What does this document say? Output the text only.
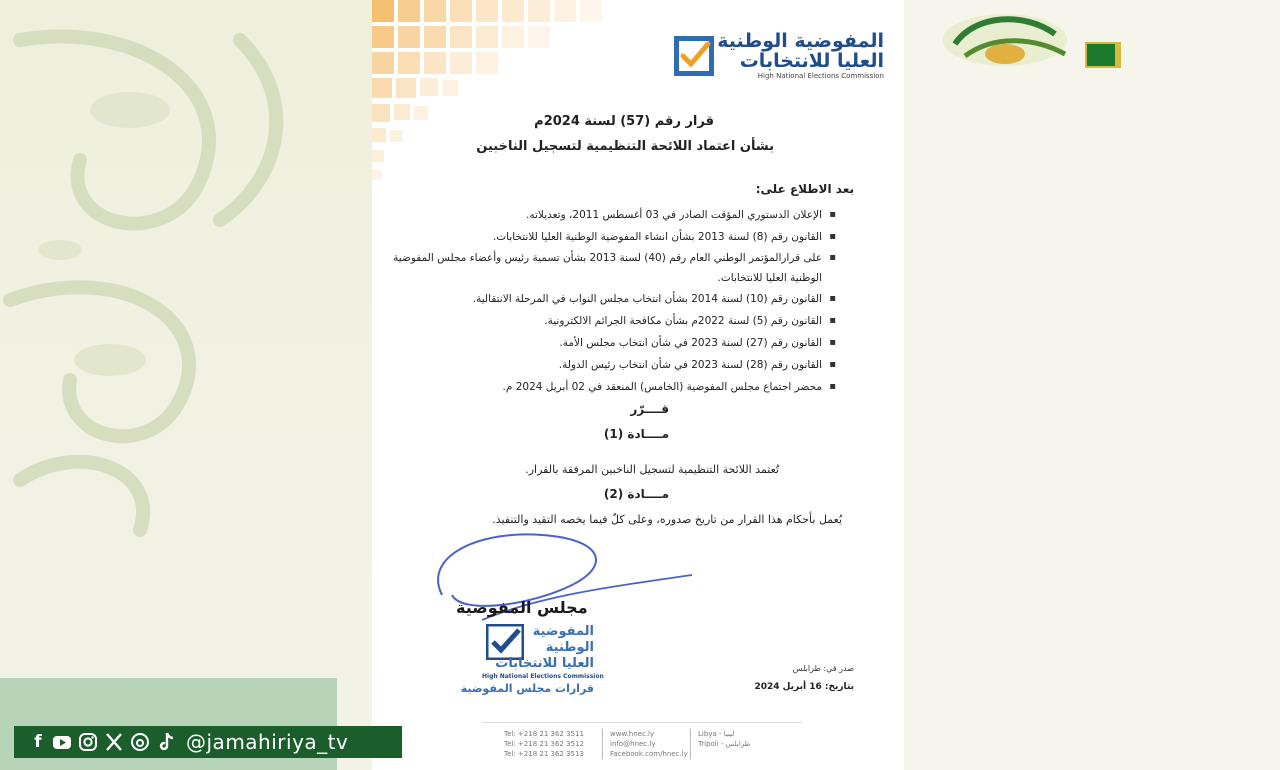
المفوضية الوطنية
العليا للانتخابات
High National Elections Commission
قرار رقم (57) لسنة 2024م
بشأن اعتماد اللائحة التنظيمية لتسجيل الناخبين
بعد الاطلاع على:
▪ الإعلان الدستوري المؤقت الصادر في 03 أغسطس 2011، وتعديلاته.
▪ القانون رقم (8) لسنة 2013 بشأن انشاء المفوضية الوطنية العليا للانتخابات.
▪ على قرارالمؤتمر الوطني العام رقم (40) لسنة 2013 بشأن تسمية رئيس وأعضاء مجلس المفوضية الوطنية العليا للانتخابات.
▪ القانون رقم (10) لسنة 2014 بشأن انتخاب مجلس النواب في المرحلة الانتقالية.
▪ القانون رقم (5) لسنة 2022م بشأن مكافحة الجرائم الالكترونية.
▪ القانون رقم (27) لسنة 2023 في شأن انتخاب مجلس الأمة.
▪ القانون رقم (28) لسنة 2023 في شأن انتخاب رئيس الدولة.
▪ محضر اجتماع مجلس المفوضية (الخامس) المنعقد في 02 أبريل 2024 م.
قــــرّر
مــــادة (1)
تُعتمد اللائحة التنظيمية لتسجيل الناخبين المرفقة بالقرار.
مــــادة (2)
يُعمل بأحكام هذا القرار من تاريخ صدوره، وعلى كلٌ فيما يخصه التقيد والتنفيذ.
مجلس المفوضية
المفوضية
الوطنية
العليا للانتخابات
High National Elections Commission
قرارات مجلس المفوضية
صدر في: طرابلس
بتاريخ: 16 أبريل 2024
Tel: +218 21 362 3511
Tel: +218 21 362 3512
Tel: +218 21 362 3513
www.hnec.ly
info@hnec.ly
Facebook.com/hnec.ly
Libya - ليبيا
Tripoli - طرابلس
f	@jamahiriya_tv
